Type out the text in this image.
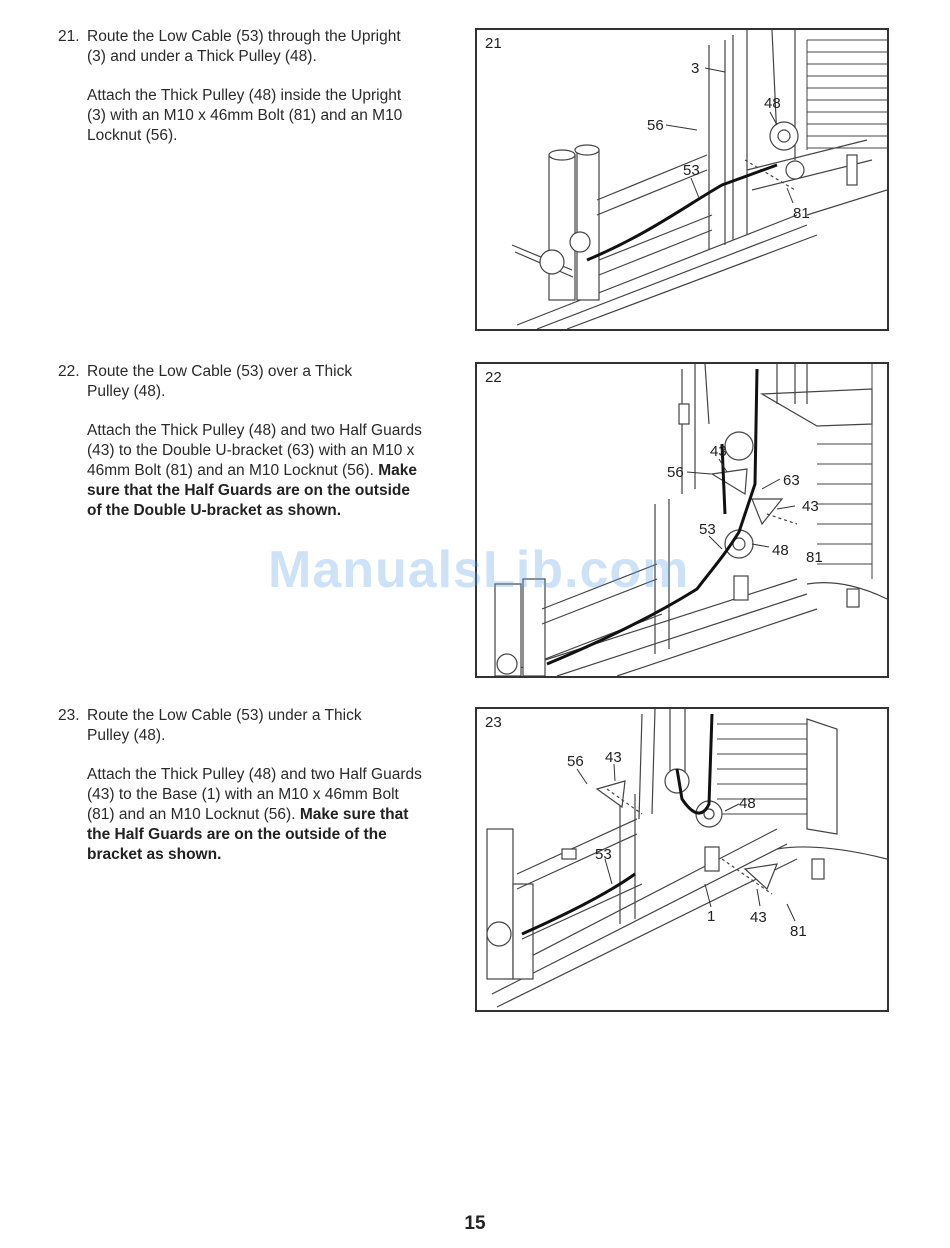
21. Route the Low Cable (53) through the Upright

(3) and under a Thick Pulley (48).

Attach the Thick Pulley (48) inside the Upright
(3) with an M10 x 46mm Bolt (81) and an M10
Locknut (56).

22. Route the Low Cable (53) over a Thick

Pulley (48).

Attach the Thick Pulley (48) and two Half Guards
(43) to the Double U-bracket (63) with an M10 x
46mm Bolt (81) and an M10 Locknut (56). Make
sure that the Half Guards are on the outside
of the Double U-bracket as shown.

23. Route the Low Cable (53) under a Thick

Pulley (48).

Attach the Thick Pulley (48) and two Half Guards
(43) to the Base (1) with an M10 x 46mm Bolt
(81) and an M10 Locknut (56). Make sure that
the Half Guards are on the outside of the
bracket as shown.
3
48
56
53
81
21
43
56	63
43
53
48 81
22
56 43
48
53
1 43
81
23
ManualsLib.com
15
